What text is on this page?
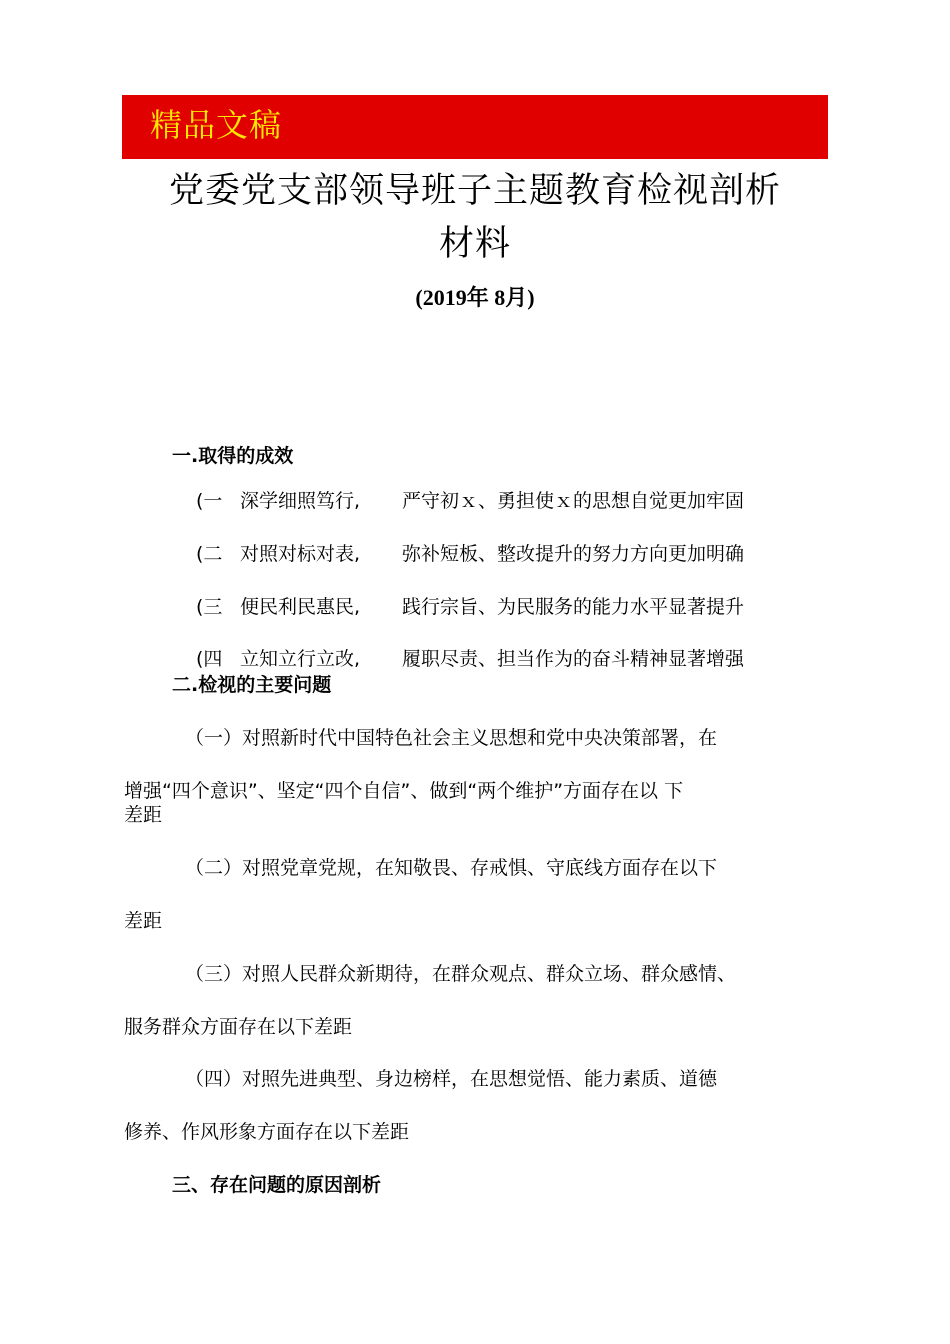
精品文稿
党委党支部领导班子主题教育检视剖析
材料
(2019年 8月)
一.取得的成效
(一 深学细照笃行, 严守初ｘ、勇担使ｘ的思想自觉更加牢固
(二 对照对标对表, 弥补短板、整改提升的努力方向更加明确
(三 便民利民惠民, 践行宗旨、为民服务的能力水平显著提升
(四 立知立行立改, 履职尽责、担当作为的奋斗精神显著增强
二.检视的主要问题
（一）对照新时代中国特色社会主义思想和党中央决策部署，在
增强“四个意识”、坚定“四个自信”、做到“两个维护”方面存在以 下
差距
（二）对照党章党规，在知敬畏、存戒惧、守底线方面存在以下
差距
（三）对照人民群众新期待，在群众观点、群众立场、群众感情、
服务群众方面存在以下差距
（四）对照先进典型、身边榜样，在思想觉悟、能力素质、道德
修养、作风形象方面存在以下差距
三、存在问题的原因剖析
